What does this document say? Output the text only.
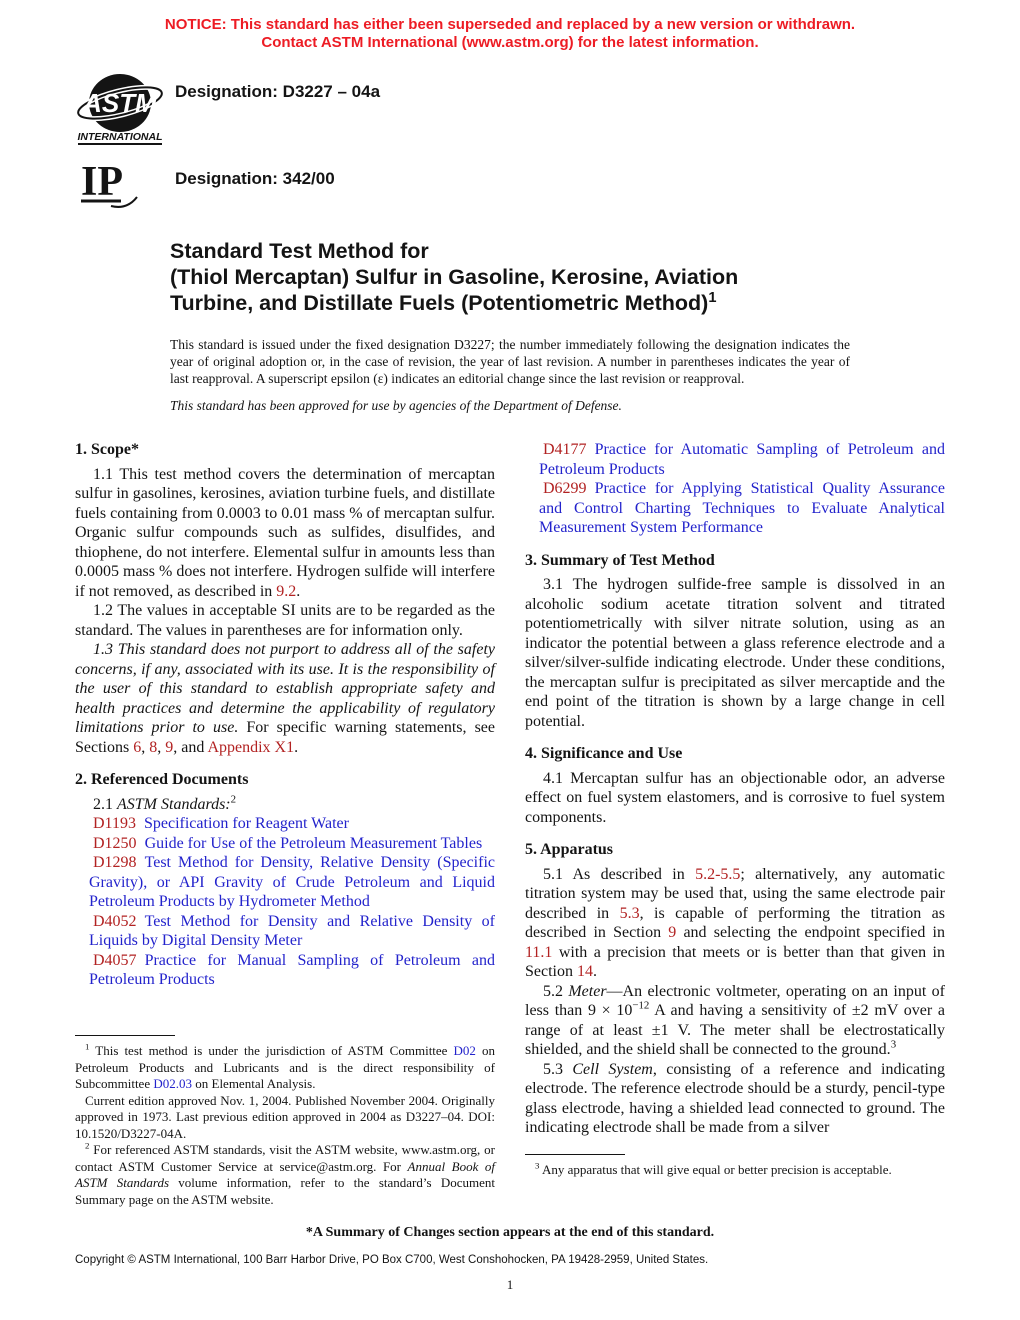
NOTICE: This standard has either been superseded and replaced by a new version or withdrawn.
Contact ASTM International (www.astm.org) for the latest information.
ASTM
INTERNATIONAL
Designation: D3227 – 04a
IP	Designation: 342/00
Standard Test Method for
(Thiol Mercaptan) Sulfur in Gasoline, Kerosine, Aviation
Turbine, and Distillate Fuels (Potentiometric Method)$^1$

This standard is issued under the fixed designation D3227; the number immediately following the designation indicates the year of original adoption or, in the case of revision, the year of last revision. A number in parentheses indicates the year of last reapproval. A superscript epsilon (ε) indicates an editorial change since the last revision or reapproval.

This standard has been approved for use by agencies of the Department of Defense.

1. Scope*

1.1 This test method covers the determination of mercaptan sulfur in gasolines, kerosines, aviation turbine fuels, and distillate fuels containing from 0.0003 to 0.01 mass % of mercaptan sulfur. Organic sulfur compounds such as sulfides, disulfides, and thiophene, do not interfere. Elemental sulfur in amounts less than 0.0005 mass % does not interfere. Hydrogen sulfide will interfere if not removed, as described in 9.2.

1.2 The values in acceptable SI units are to be regarded as the standard. The values in parentheses are for information only.

1.3 This standard does not purport to address all of the safety concerns, if any, associated with its use. It is the responsibility of the user of this standard to establish appropriate safety and health practices and determine the applicability of regulatory limitations prior to use. For specific warning statements, see Sections 6, 8, 9, and Appendix X1.

2. Referenced Documents

2.1 ASTM Standards:$^2$

D1193 Specification for Reagent Water

D1250 Guide for Use of the Petroleum Measurement Tables

D1298 Test Method for Density, Relative Density (Specific Gravity), or API Gravity of Crude Petroleum and Liquid Petroleum Products by Hydrometer Method

D4052 Test Method for Density and Relative Density of Liquids by Digital Density Meter

D4057 Practice for Manual Sampling of Petroleum and Petroleum Products

$^1$ This test method is under the jurisdiction of ASTM Committee D02 on Petroleum Products and Lubricants and is the direct responsibility of Subcommittee D02.03 on Elemental Analysis.

Current edition approved Nov. 1, 2004. Published November 2004. Originally approved in 1973. Last previous edition approved in 2004 as D3227–04. DOI: 10.1520/D3227-04A.

$^2$ For referenced ASTM standards, visit the ASTM website, www.astm.org, or contact ASTM Customer Service at service@astm.org. For Annual Book of ASTM Standards volume information, refer to the standard’s Document Summary page on the ASTM website.

D4177 Practice for Automatic Sampling of Petroleum and Petroleum Products

D6299 Practice for Applying Statistical Quality Assurance and Control Charting Techniques to Evaluate Analytical Measurement System Performance

3. Summary of Test Method

3.1 The hydrogen sulfide-free sample is dissolved in an alcoholic sodium acetate titration solvent and titrated potentiometrically with silver nitrate solution, using as an indicator the potential between a glass reference electrode and a silver/silver-sulfide indicating electrode. Under these conditions, the mercaptan sulfur is precipitated as silver mercaptide and the end point of the titration is shown by a large change in cell potential.

4. Significance and Use

4.1 Mercaptan sulfur has an objectionable odor, an adverse effect on fuel system elastomers, and is corrosive to fuel system components.

5. Apparatus

5.1 As described in 5.2-5.5; alternatively, any automatic titration system may be used that, using the same electrode pair described in 5.3, is capable of performing the titration as described in Section 9 and selecting the endpoint specified in 11.1 with a precision that meets or is better than that given in Section 14.

5.2 Meter—An electronic voltmeter, operating on an input of less than $9 \times 10^{-12}$ A and having a sensitivity of ±2 mV over a range of at least ±1 V. The meter shall be electrostatically shielded, and the shield shall be connected to the ground.$^3$

5.3 Cell System, consisting of a reference and indicating electrode. The reference electrode should be a sturdy, pencil-type glass electrode, having a shielded lead connected to ground. The indicating electrode shall be made from a silver

$^3$ Any apparatus that will give equal or better precision is acceptable.

*A Summary of Changes section appears at the end of this standard.
Copyright © ASTM International, 100 Barr Harbor Drive, PO Box C700, West Conshohocken, PA 19428-2959, United States.
1
